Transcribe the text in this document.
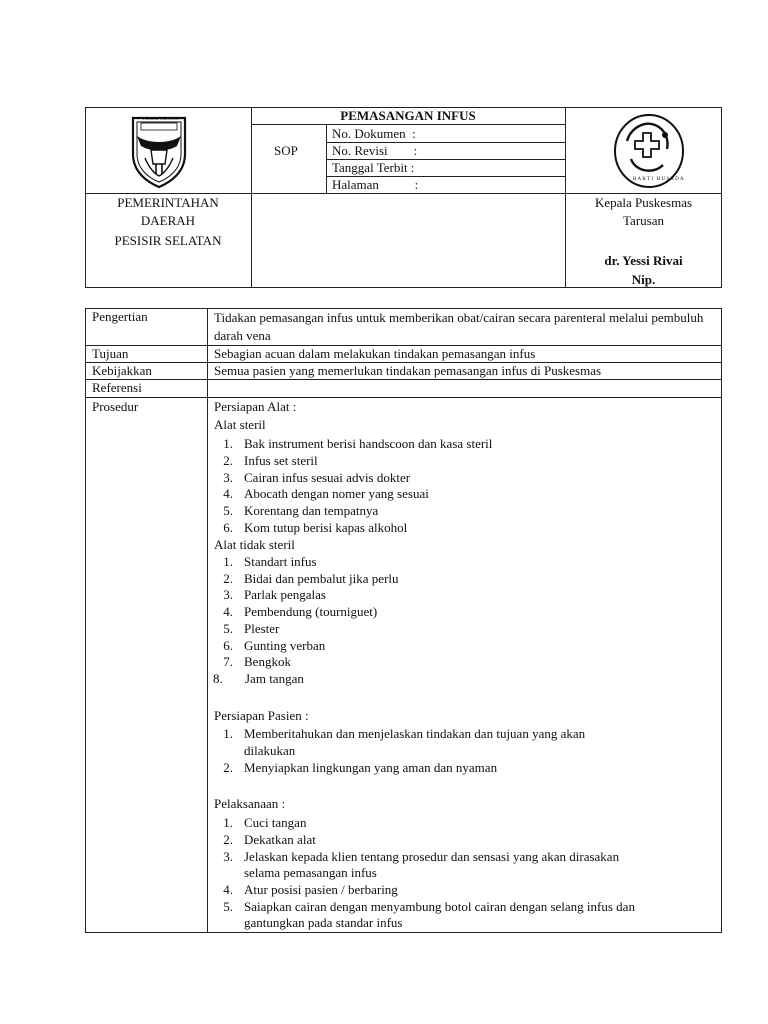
PESISIR SELATAN	PEMASANGAN INFUS
SOP
No. Dokumen  :
No. Revisi        :
Tanggal Terbit :
Halaman           :	BAKTI HUSADA
PEMERINTAHAN
DAERAH
PESISIR SELATAN
Kepala Puskesmas
Tarusan
dr. Yessi Rivai
Nip.
Pengertian
Tujuan
Kebijakkan
Referensi
Prosedur
Tidakan pemasangan infus untuk memberikan obat/cairan secara parenteral melalui pembuluh darah vena
Sebagian acuan dalam melakukan tindakan pemasangan infus
Semua pasien yang memerlukan tindakan pemasangan infus di Puskesmas
Persiapan Alat :
Alat steril
1. Bak instrument berisi handscoon dan kasa steril
2. Infus set steril
3. Cairan infus sesuai advis dokter
4. Abocath dengan nomer yang sesuai
5. Korentang dan tempatnya
6. Kom tutup berisi kapas alkohol
Alat tidak steril
1. Standart infus
2. Bidai dan pembalut jika perlu
3. Parlak pengalas
4. Pembendung (tourniguet)
5. Plester
6. Gunting verban
7. Bengkok
8. Jam tangan
Persiapan Pasien :
1. Memberitahukan dan menjelaskan tindakan dan tujuan yang akan
dilakukan
2. Menyiapkan lingkungan yang aman dan nyaman
Pelaksanaan :
1. Cuci tangan
2. Dekatkan alat
3. Jelaskan kepada klien tentang prosedur dan sensasi yang akan dirasakan
selama pemasangan infus
4. Atur posisi pasien / berbaring
5. Saiapkan cairan dengan menyambung botol cairan dengan selang infus dan
gantungkan pada standar infus
